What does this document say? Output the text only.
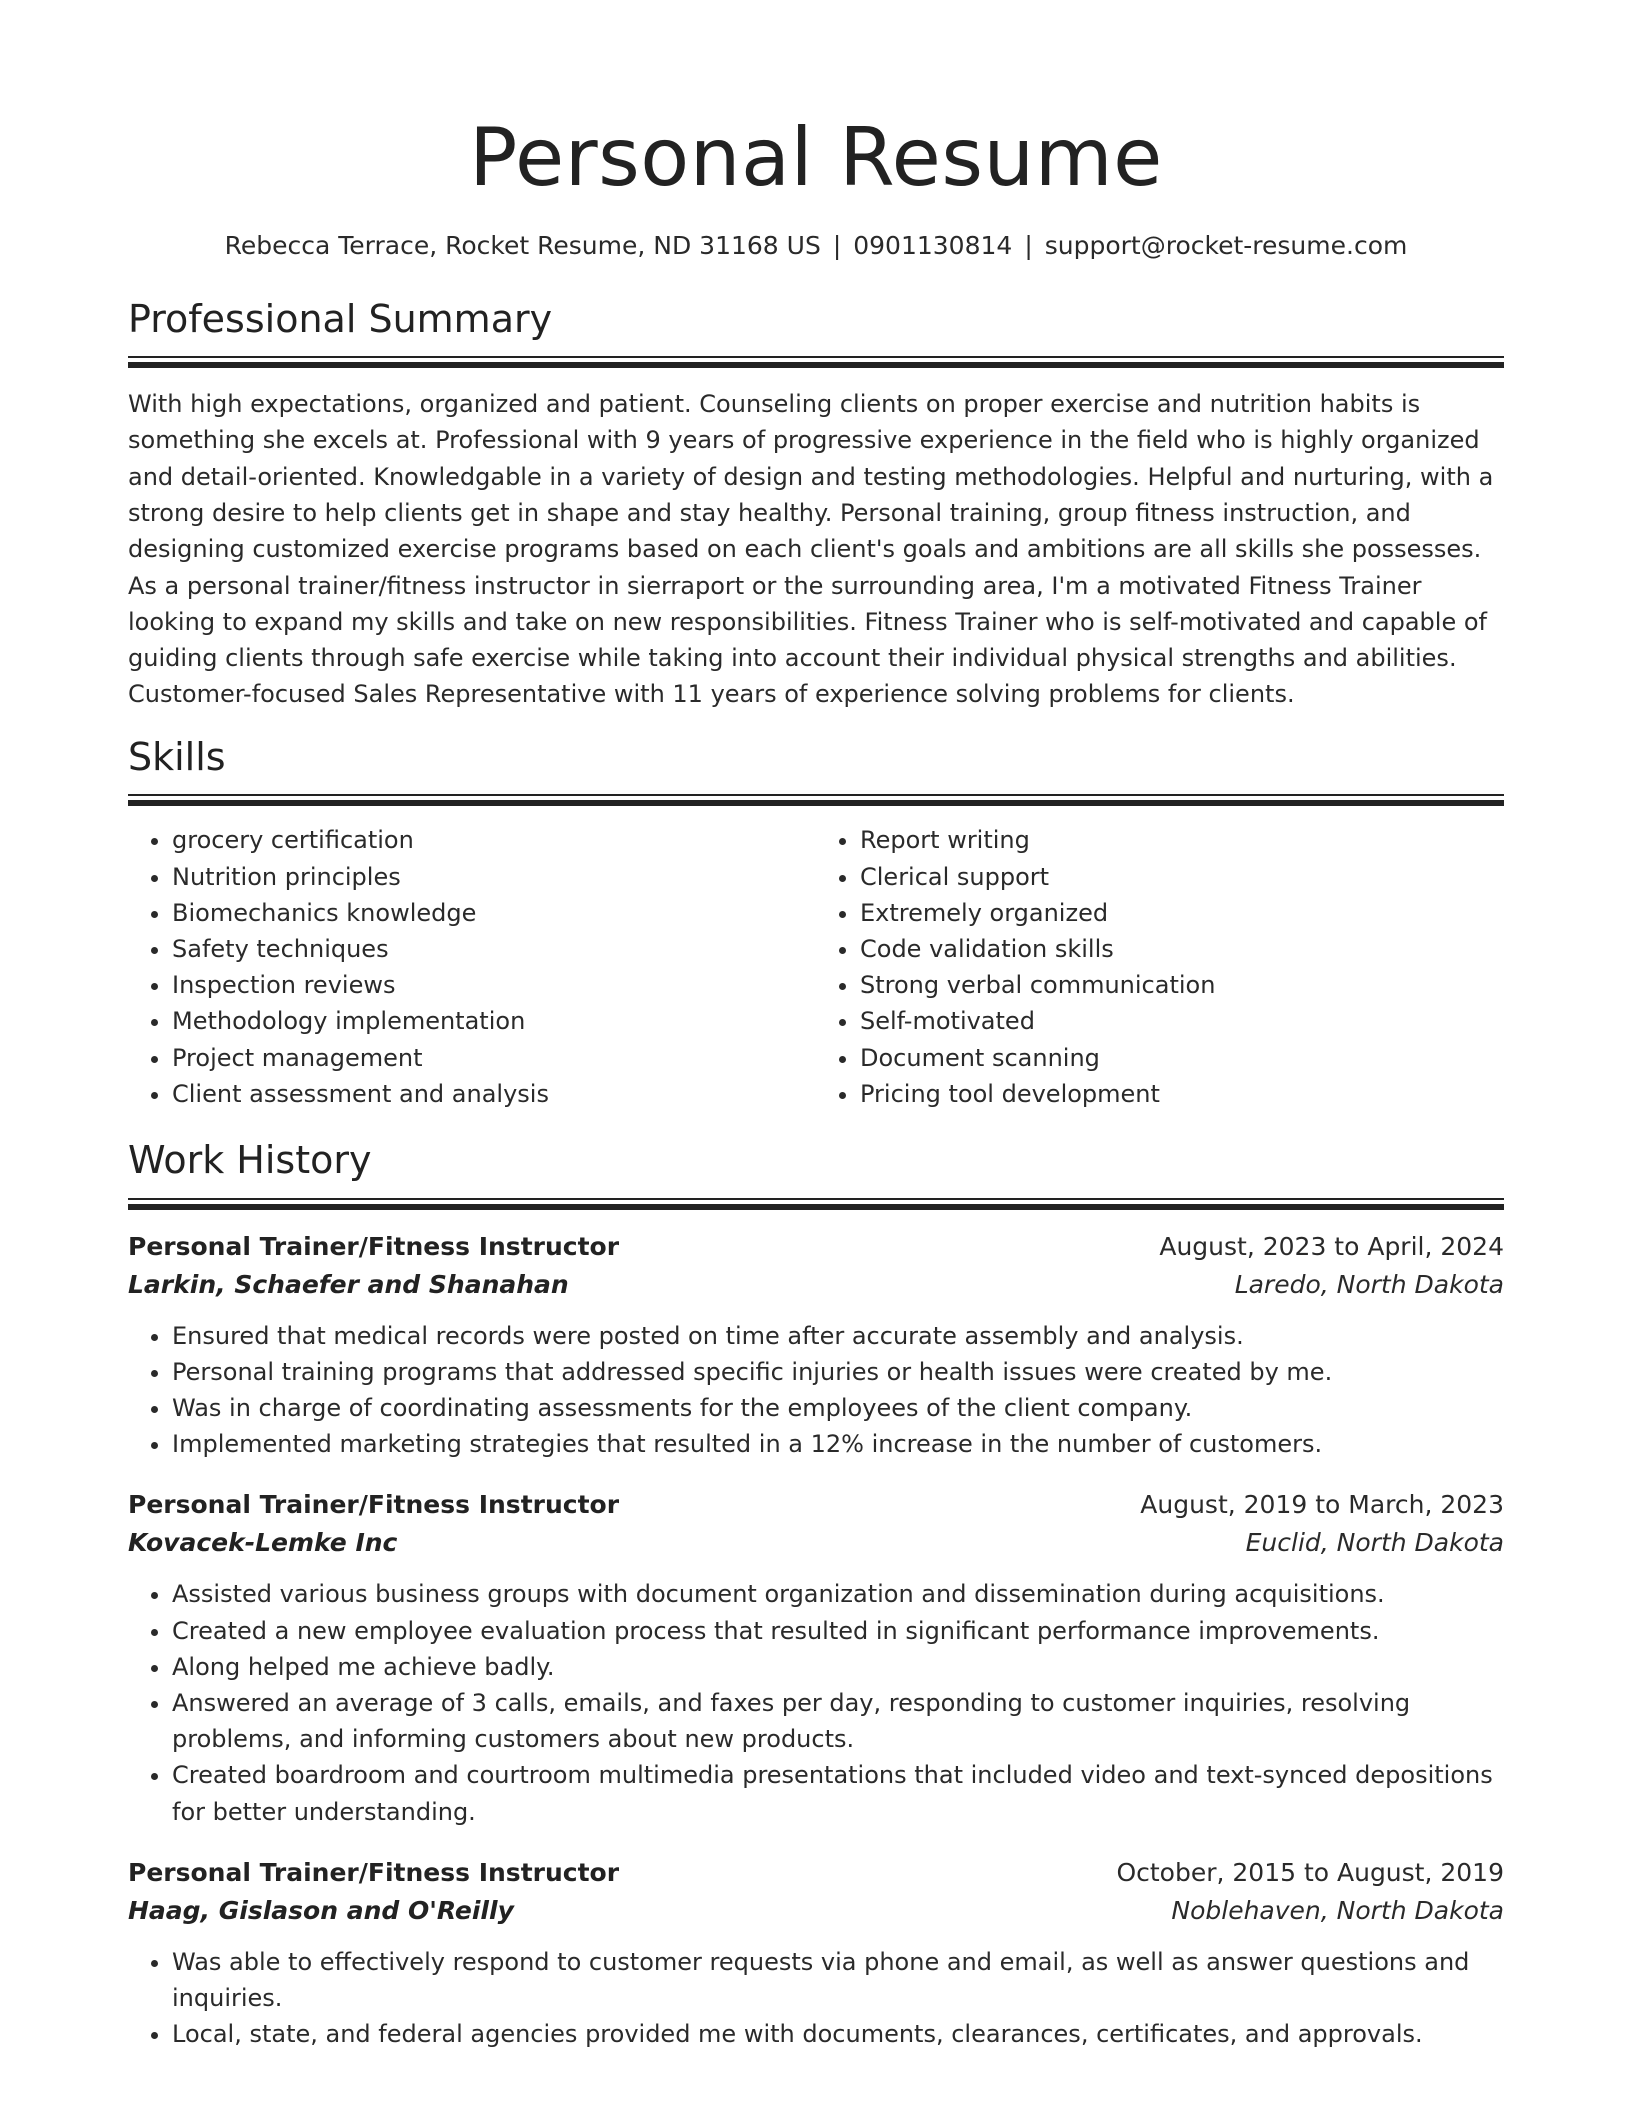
Personal Resume
Rebecca Terrace, Rocket Resume, ND 31168 US | 0901130814 | support@rocket-resume.com
Professional Summary

With high expectations, organized and patient. Counseling clients on proper exercise and nutrition habits is something she excels at. Professional with 9 years of progressive experience in the field who is highly organized and detail-oriented. Knowledgable in a variety of design and testing methodologies. Helpful and nurturing, with a strong desire to help clients get in shape and stay healthy. Personal training, group fitness instruction, and designing customized exercise programs based on each client's goals and ambitions are all skills she possesses. As a personal trainer/fitness instructor in sierraport or the surrounding area, I'm a motivated Fitness Trainer looking to expand my skills and take on new responsibilities. Fitness Trainer who is self-motivated and capable of guiding clients through safe exercise while taking into account their individual physical strengths and abilities. Customer-focused Sales Representative with 11 years of experience solving problems for clients.

Skills
• grocery certification
• Nutrition principles
• Biomechanics knowledge
• Safety techniques
• Inspection reviews
• Methodology implementation
• Project management
• Client assessment and analysis
• Report writing
• Clerical support
• Extremely organized
• Code validation skills
• Strong verbal communication
• Self-motivated
• Document scanning
• Pricing tool development
Work History
Personal Trainer/Fitness Instructor	August, 2023 to April, 2024
Larkin, Schaefer and Shanahan	Laredo, North Dakota
• Ensured that medical records were posted on time after accurate assembly and analysis.
• Personal training programs that addressed specific injuries or health issues were created by me.
• Was in charge of coordinating assessments for the employees of the client company.
• Implemented marketing strategies that resulted in a 12% increase in the number of customers.
Personal Trainer/Fitness Instructor	August, 2019 to March, 2023
Kovacek-Lemke Inc	Euclid, North Dakota
• Assisted various business groups with document organization and dissemination during acquisitions.
• Created a new employee evaluation process that resulted in significant performance improvements.
• Along helped me achieve badly.
• Answered an average of 3 calls, emails, and faxes per day, responding to customer inquiries, resolving problems, and informing customers about new products.
• Created boardroom and courtroom multimedia presentations that included video and text-synced depositions for better understanding.
Personal Trainer/Fitness Instructor	October, 2015 to August, 2019
Haag, Gislason and O'Reilly	Noblehaven, North Dakota
• Was able to effectively respond to customer requests via phone and email, as well as answer questions and inquiries.
• Local, state, and federal agencies provided me with documents, clearances, certificates, and approvals.
